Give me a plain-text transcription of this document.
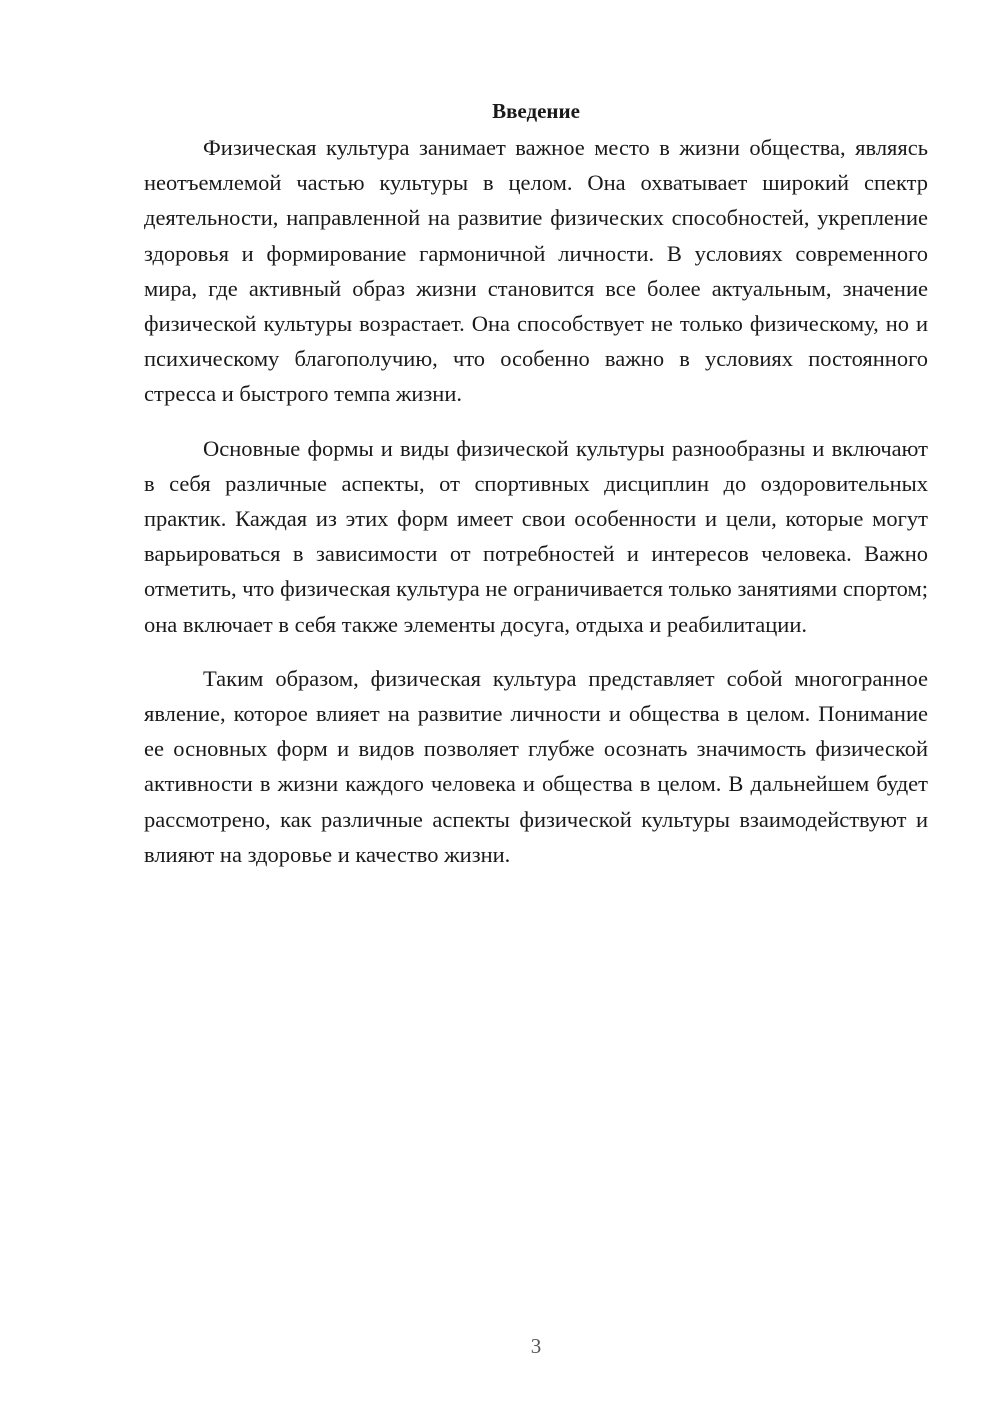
Введение

Физическая культура занимает важное место в жизни общества, являясь неотъемлемой частью культуры в целом. Она охватывает широкий спектр деятельности, направленной на развитие физических способностей, укрепление здоровья и формирование гармоничной личности. В условиях современного мира, где активный образ жизни становится все более актуальным, значение физической культуры возрастает. Она способствует не только физическому, но и психическому благополучию, что особенно важно в условиях постоянного стресса и быстрого темпа жизни.

Основные формы и виды физической культуры разнообразны и включают в себя различные аспекты, от спортивных дисциплин до оздоровительных практик. Каждая из этих форм имеет свои особенности и цели, которые могут варьироваться в зависимости от потребностей и интересов человека. Важно отметить, что физическая культура не ограничивается только занятиями спортом; она включает в себя также элементы досуга, отдыха и реабилитации.

Таким образом, физическая культура представляет собой многогранное явление, которое влияет на развитие личности и общества в целом. Понимание ее основных форм и видов позволяет глубже осознать значимость физической активности в жизни каждого человека и общества в целом. В дальнейшем будет рассмотрено, как различные аспекты физической культуры взаимодействуют и влияют на здоровье и качество жизни.

3
